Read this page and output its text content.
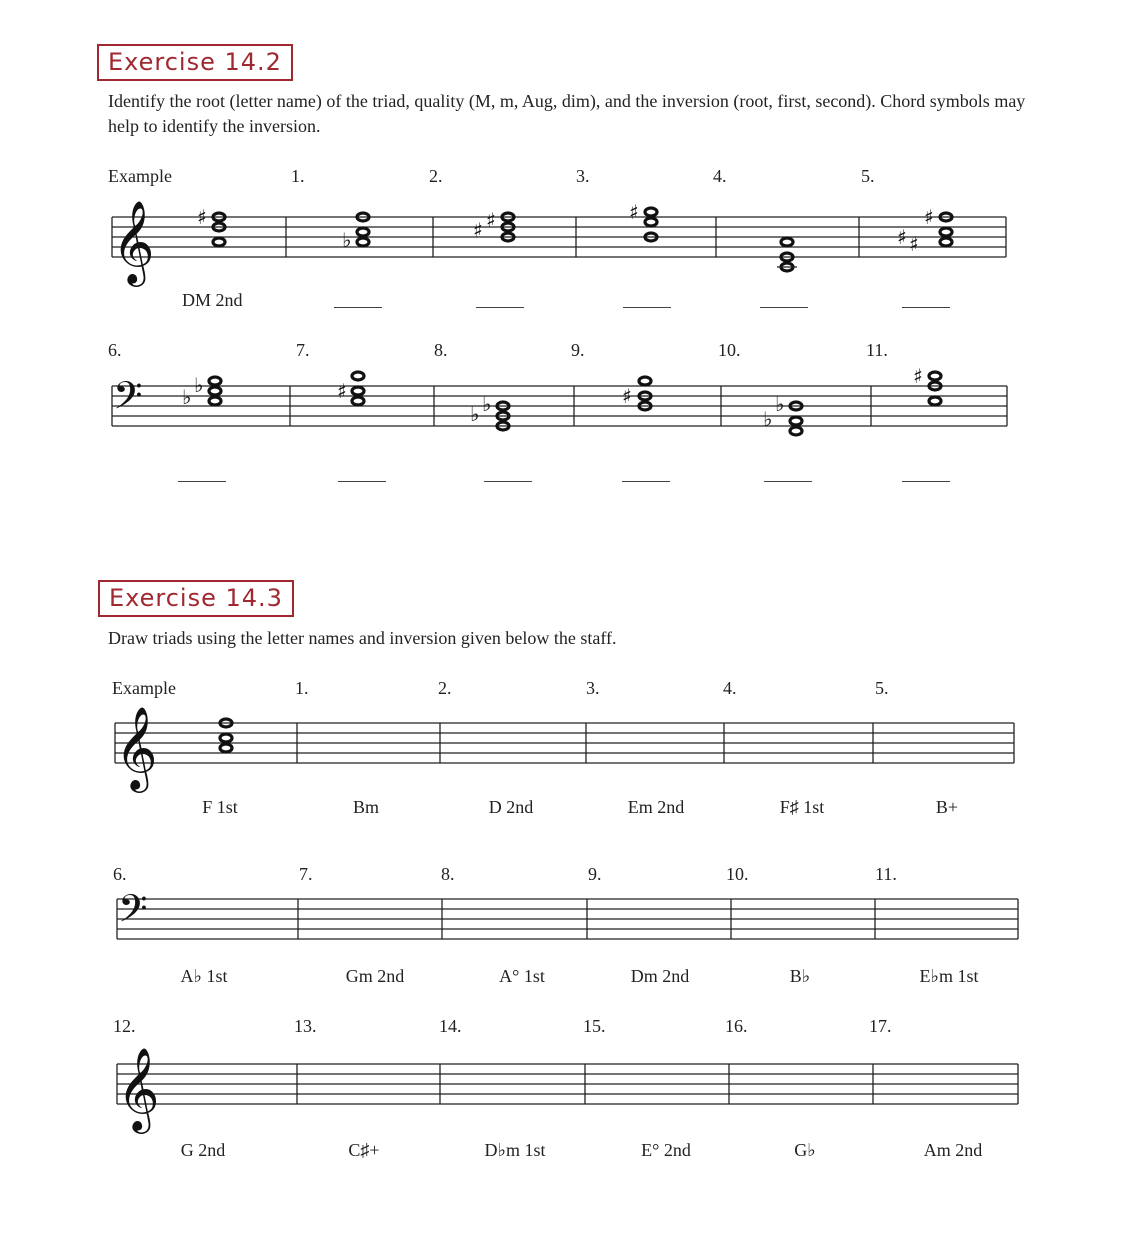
Exercise 14.2
Identify the root (letter name) of the triad, quality (M, m, Aug, dim), and the inversion (root, first, second). Chord symbols may help to identify the inversion.
Example	1.	2.	3.	4.	5.
𝄞 ♯
♭	♯ ♯	♯
♯ ♯
♯
DM 2nd
6.	7.	8.	9.	10.	11.
𝄢 ♭ ♭	♯
♭ ♭	♯
♭
♭
♯
Exercise 14.3
Draw triads using the letter names and inversion given below the staff.
Example	1.	2.	3.	4.	5.
𝄞
F 1st	Bm	D 2nd	Em 2nd	F♯ 1st	B+
6.	7.	8.	9.	10.	11.
𝄢
A♭ 1st	Gm 2nd	A° 1st	Dm 2nd	B♭	E♭m 1st
12.	13.	14.	15.	16.	17.
𝄞
G 2nd	C♯+	D♭m 1st	E° 2nd	G♭	Am 2nd
